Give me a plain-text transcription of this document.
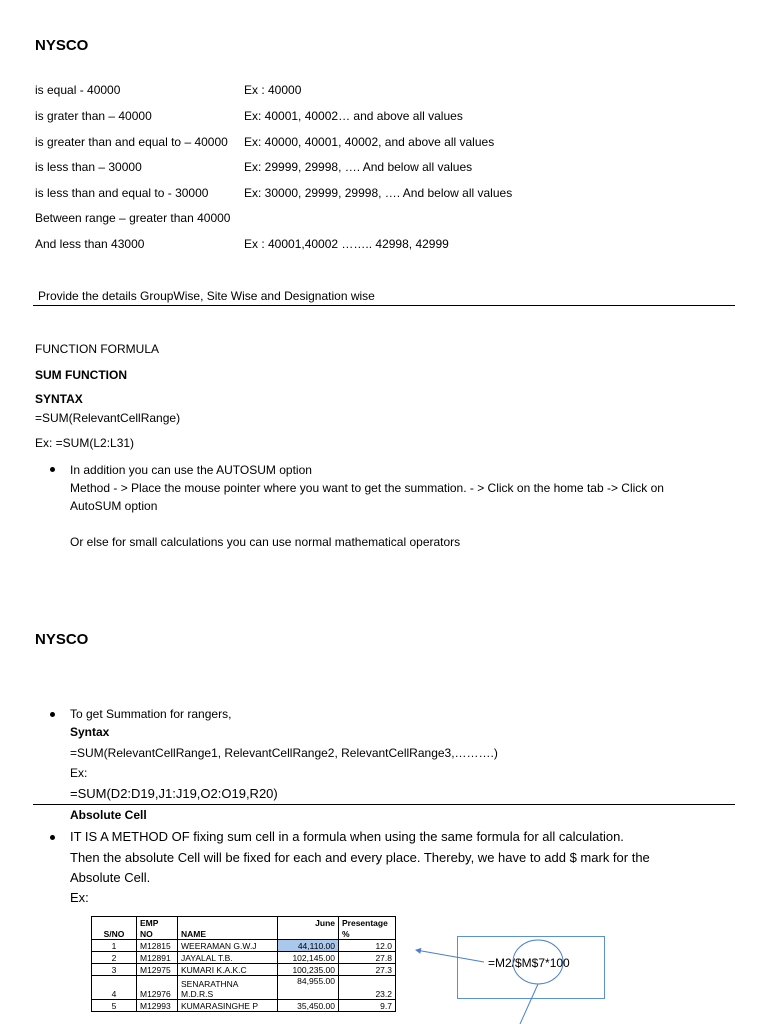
NYSCO
is equal - 40000	Ex : 40000
is grater than – 40000	Ex: 40001, 40002… and above all values
is greater than and equal to – 40000 Ex: 40000, 40001, 40002, and above all values
is less than – 30000	Ex: 29999, 29998, …. And below all values
is less than and equal to - 30000	Ex: 30000, 29999, 29998, …. And below all values
Between range – greater than 40000
And less than 43000	Ex : 40001,40002 …….. 42998, 42999
Provide the details GroupWise, Site Wise and Designation wise
FUNCTION FORMULA
SUM FUNCTION
SYNTAX
=SUM(RelevantCellRange)
Ex: =SUM(L2:L31)
In addition you can use the AUTOSUM option
Method - > Place the mouse pointer where you want to get the summation. - > Click on the home tab -> Click on
AutoSUM option
Or else for small calculations you can use normal mathematical operators
NYSCO
To get Summation for rangers,
Syntax
=SUM(RelevantCellRange1, RelevantCellRange2, RelevantCellRange3,……….)
Ex:
=SUM(D2:D19,J1:J19,O2:O19,R20)
Absolute Cell
IT IS A METHOD OF fixing sum cell in a formula when using the same formula for all calculation.
Then the absolute Cell will be fixed for each and every place. Thereby, we have to add $ mark for the
Absolute Cell.
Ex:
	EMP			Presentage
S/NO	NO	NAME	June	%
1	M12815	WEERAMAN G.W.J	44,110.00	12.0
2	M12891	JAYALAL T.B.	102,145.00	27.8
3	M12975	KUMARI K.A.K.C	100,235.00	27.3
4	M12976	SENARATHNA
M.D.R.S	84,955.00	23.2
5	M12993	KUMARASINGHE P	35,450.00	9.7
=M2/$M$7*100
